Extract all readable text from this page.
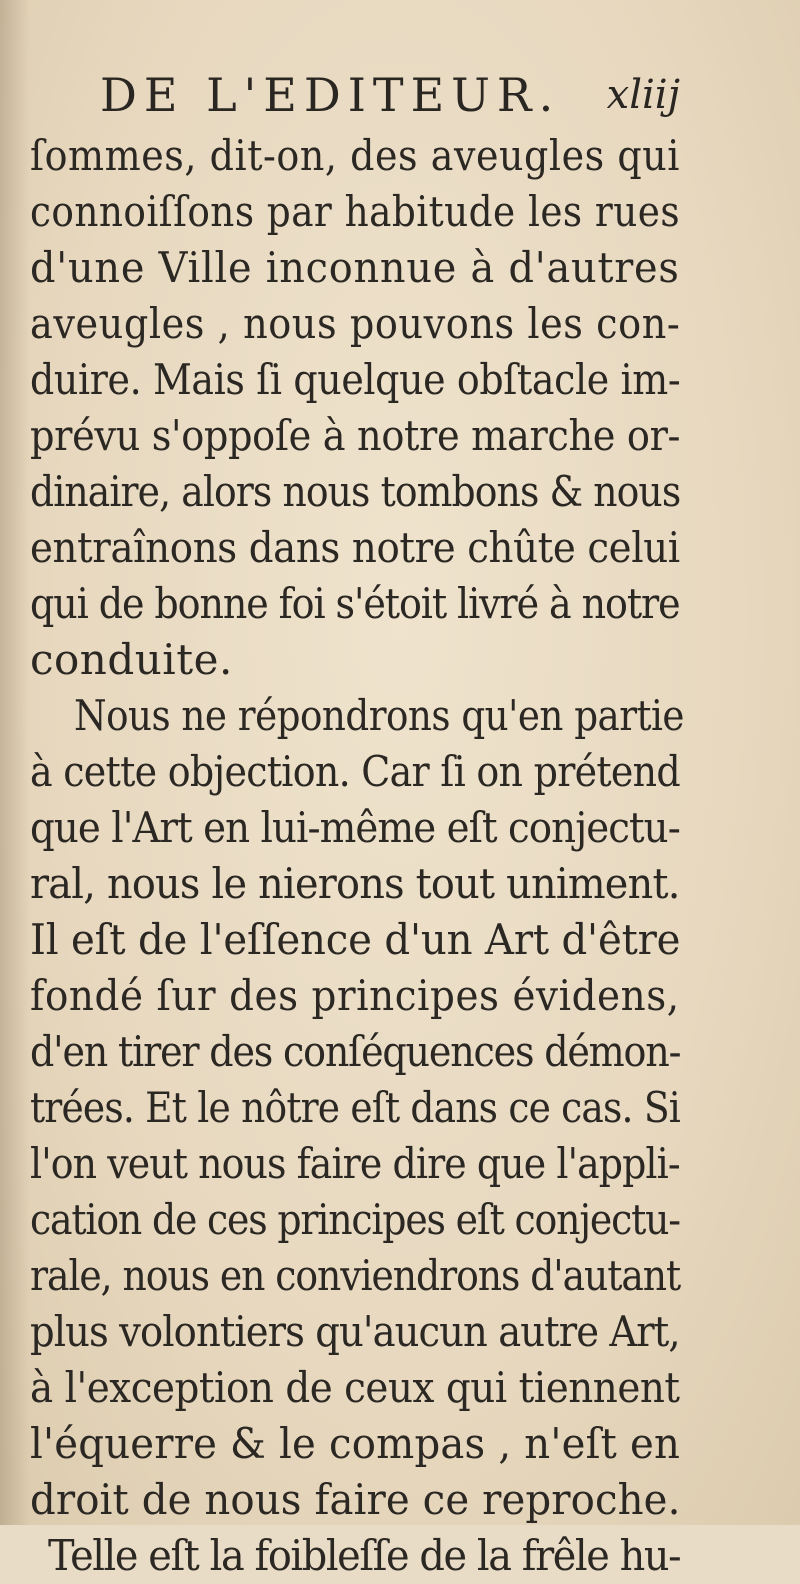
DE L'EDITEUR. xliij
ſommes, dit-on, des aveugles qui
connoiſſons par habitude les rues
d'une Ville inconnue à d'autres
aveugles , nous pouvons les con-
duire. Mais ſi quelque obſtacle im-
prévu s'oppoſe à notre marche or-
dinaire, alors nous tombons & nous
entraînons dans notre chûte celui
qui de bonne foi s'étoit livré à notre
conduite.
Nous ne répondrons qu'en partie
à cette objection. Car ſi on prétend
que l'Art en lui-même eſt conjectu-
ral, nous le nierons tout uniment.
Il eſt de l'eſſence d'un Art d'être
fondé ſur des principes évidens,
d'en tirer des conſéquences démon-
trées. Et le nôtre eſt dans ce cas. Si
l'on veut nous faire dire que l'appli-
cation de ces principes eſt conjectu-
rale, nous en conviendrons d'autant
plus volontiers qu'aucun autre Art,
à l'exception de ceux qui tiennent
l'équerre & le compas , n'eſt en
droit de nous faire ce reproche.
Telle eſt la foibleſſe de la frêle hu-
